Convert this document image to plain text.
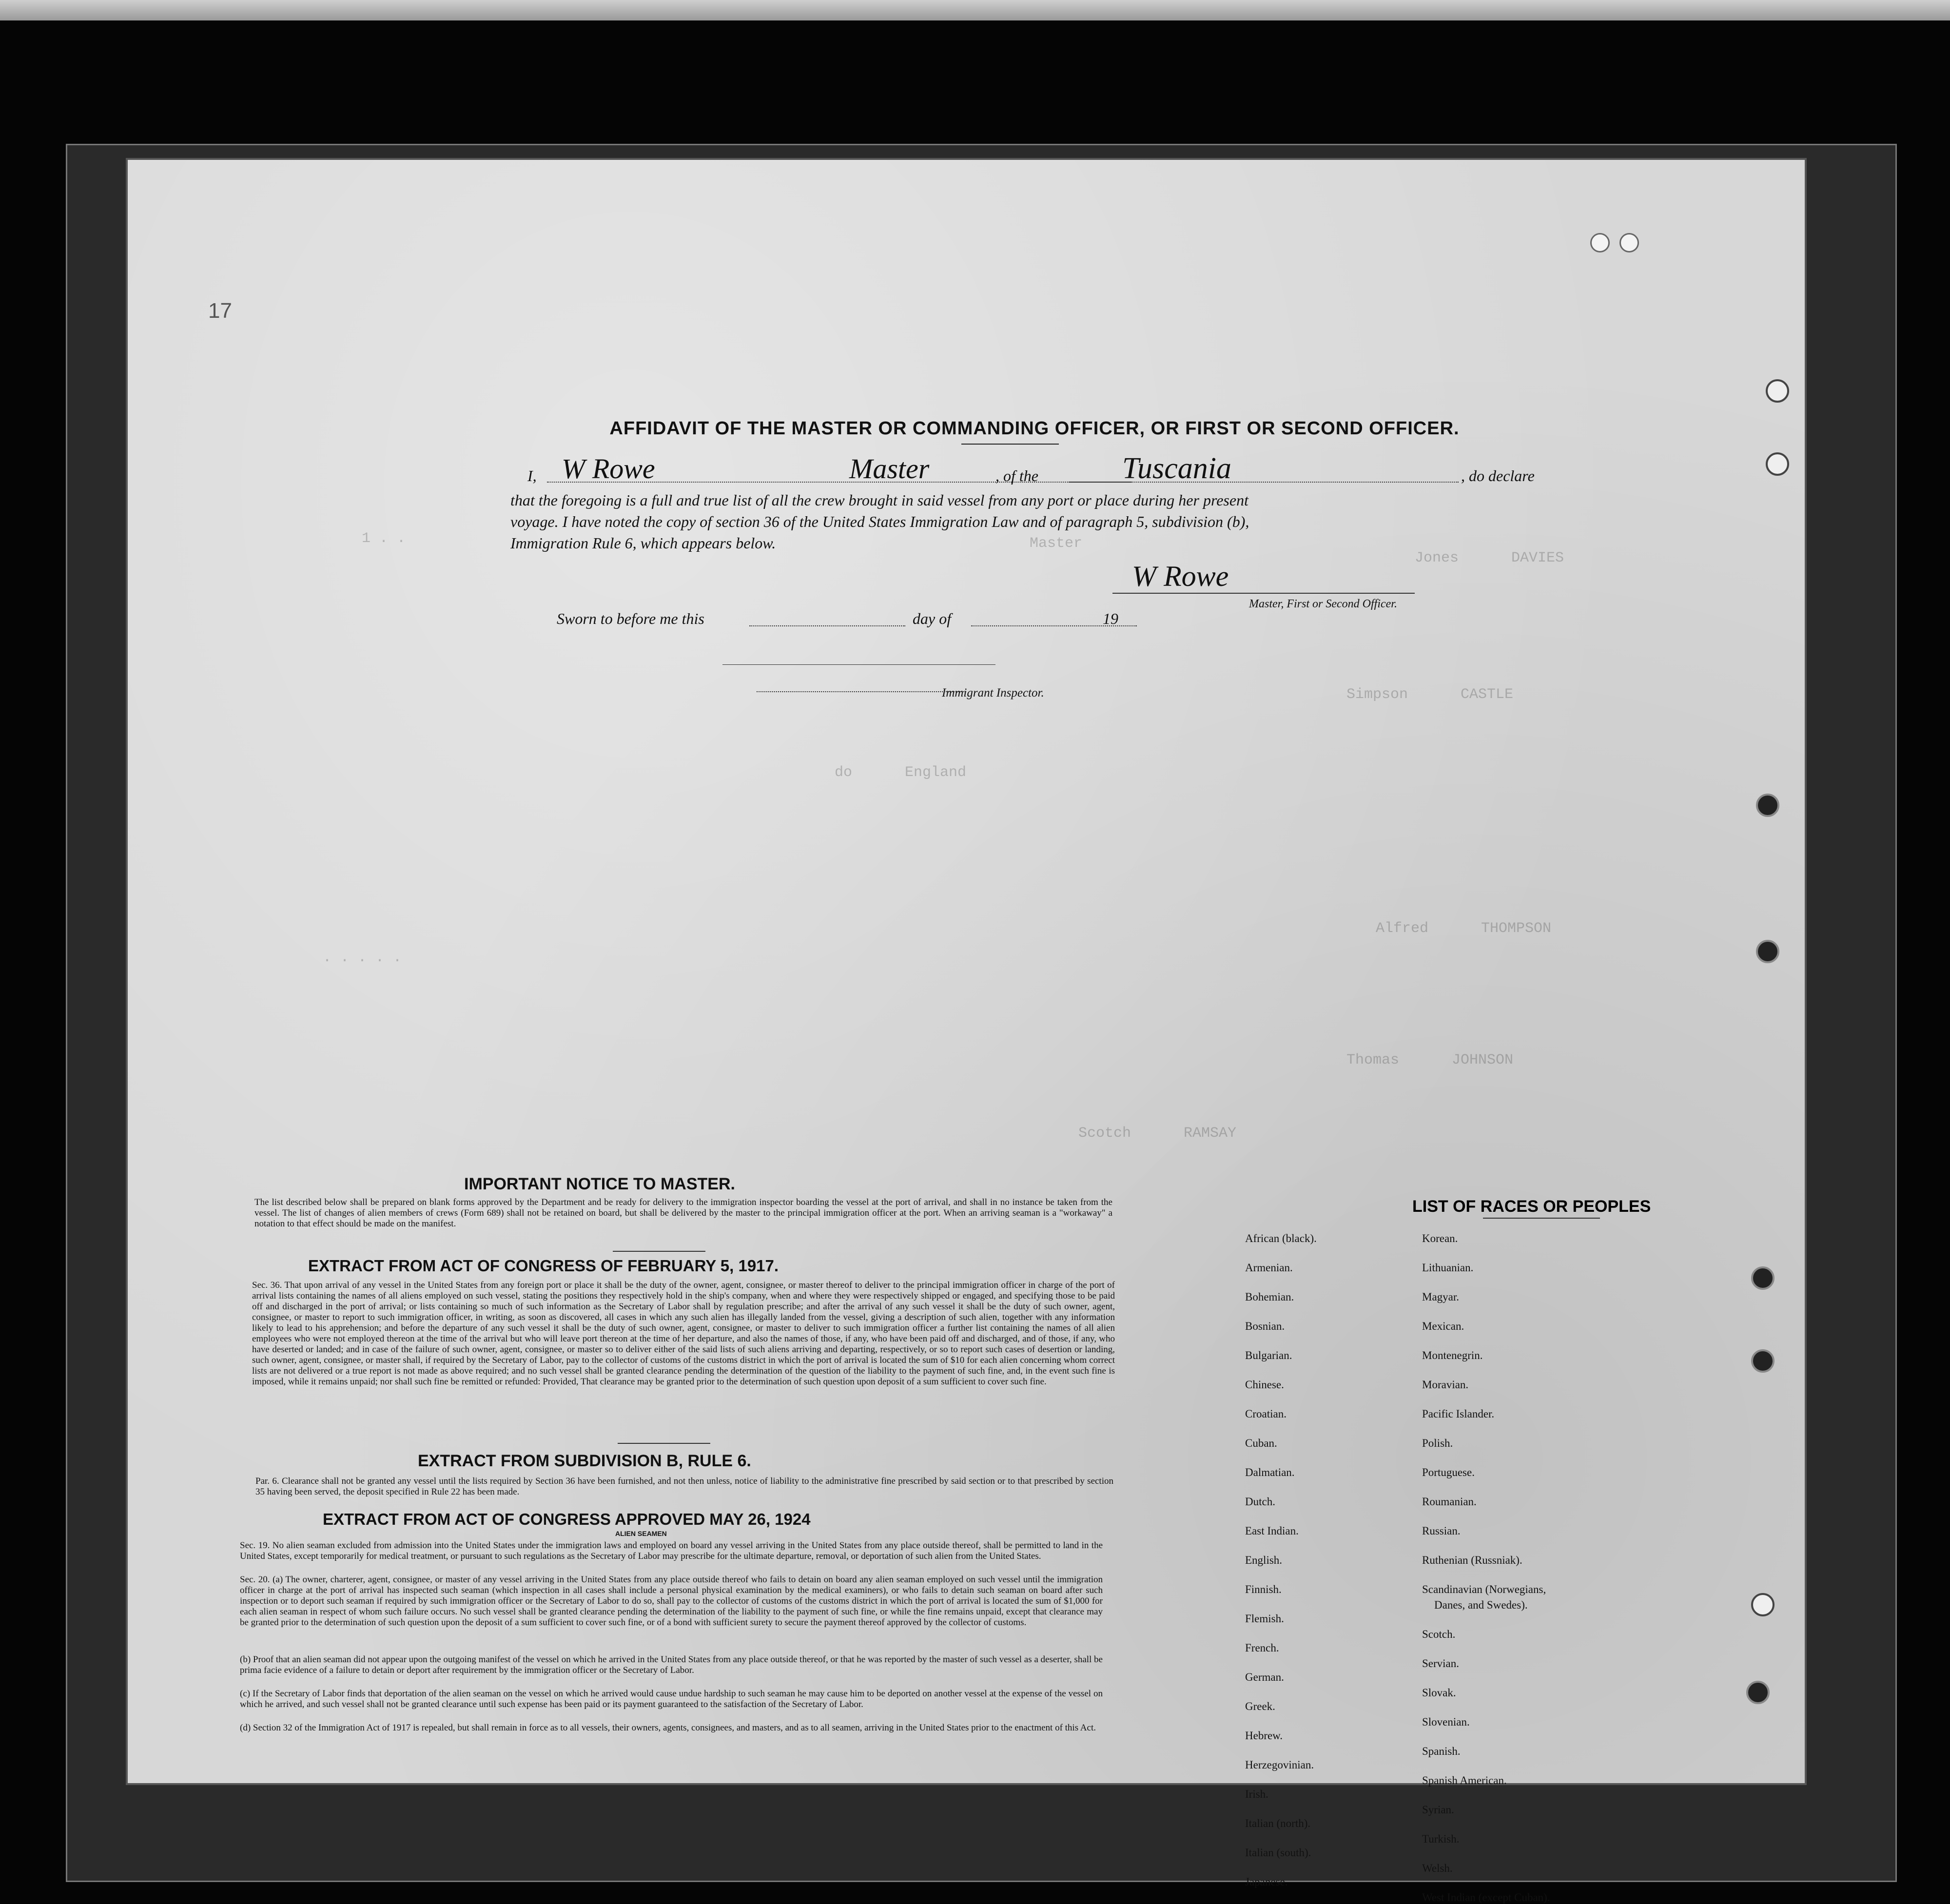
1 . .	Master
Jones      DAVIES
Simpson      CASTLE
do      England
Alfred      THOMPSON
Thomas      JOHNSON
Scotch      RAMSAY
. . . . .
17
AFFIDAVIT OF THE MASTER OR COMMANDING OFFICER, OR FIRST OR SECOND OFFICER.
I, W Rowe	Master	, of the	Tuscania	, do declare
that the foregoing is a full and true list of all the crew brought in said vessel from any port or place during her present
voyage. I have noted the copy of section 36 of the United States Immigration Law and of paragraph 5, subdivision (b),
Immigration Rule 6, which appears below.
W Rowe
Master, First or Second Officer.
Sworn to before me this	day of	19
Immigrant Inspector.
IMPORTANT NOTICE TO MASTER.
The list described below shall be prepared on blank forms approved by the Department and be ready for delivery to the immigration inspector boarding the vessel at the port of arrival, and shall in no instance be taken from the vessel. The list of changes of alien members of crews (Form 689) shall not be retained on board, but shall be delivered by the master to the principal immigration officer at the port. When an arriving seaman is a "workaway" a notation to that effect should be made on the manifest.
EXTRACT FROM ACT OF CONGRESS OF FEBRUARY 5, 1917.
Sec. 36. That upon arrival of any vessel in the United States from any foreign port or place it shall be the duty of the owner, agent, consignee, or master thereof to deliver to the principal immigration officer in charge of the port of arrival lists containing the names of all aliens employed on such vessel, stating the positions they respectively hold in the ship's company, when and where they were respectively shipped or engaged, and specifying those to be paid off and discharged in the port of arrival; or lists containing so much of such information as the Secretary of Labor shall by regulation prescribe; and after the arrival of any such vessel it shall be the duty of such owner, agent, consignee, or master to report to such immigration officer, in writing, as soon as discovered, all cases in which any such alien has illegally landed from the vessel, giving a description of such alien, together with any information likely to lead to his apprehension; and before the departure of any such vessel it shall be the duty of such owner, agent, consignee, or master to deliver to such immigration officer a further list containing the names of all alien employees who were not employed thereon at the time of the arrival but who will leave port thereon at the time of her departure, and also the names of those, if any, who have been paid off and discharged, and of those, if any, who have deserted or landed; and in case of the failure of such owner, agent, consignee, or master so to deliver either of the said lists of such aliens arriving and departing, respectively, or so to report such cases of desertion or landing, such owner, agent, consignee, or master shall, if required by the Secretary of Labor, pay to the collector of customs of the customs district in which the port of arrival is located the sum of $10 for each alien concerning whom correct lists are not delivered or a true report is not made as above required; and no such vessel shall be granted clearance pending the determination of the question of the liability to the payment of such fine, and, in the event such fine is imposed, while it remains unpaid; nor shall such fine be remitted or refunded: Provided, That clearance may be granted prior to the determination of such question upon deposit of a sum sufficient to cover such fine.
EXTRACT FROM SUBDIVISION B, RULE 6.
Par. 6. Clearance shall not be granted any vessel until the lists required by Section 36 have been furnished, and not then unless, notice of liability to the administrative fine prescribed by said section or to that prescribed by section 35 having been served, the deposit specified in Rule 22 has been made.
EXTRACT FROM ACT OF CONGRESS APPROVED MAY 26, 1924
ALIEN SEAMEN
Sec. 19. No alien seaman excluded from admission into the United States under the immigration laws and employed on board any vessel arriving in the United States from any place outside thereof, shall be permitted to land in the United States, except temporarily for medical treatment, or pursuant to such regulations as the Secretary of Labor may prescribe for the ultimate departure, removal, or deportation of such alien from the United States.
Sec. 20. (a) The owner, charterer, agent, consignee, or master of any vessel arriving in the United States from any place outside thereof who fails to detain on board any alien seaman employed on such vessel until the immigration officer in charge at the port of arrival has inspected such seaman (which inspection in all cases shall include a personal physical examination by the medical examiners), or who fails to detain such seaman on board after such inspection or to deport such seaman if required by such immigration officer or the Secretary of Labor to do so, shall pay to the collector of customs of the customs district in which the port of arrival is located the sum of $1,000 for each alien seaman in respect of whom such failure occurs. No such vessel shall be granted clearance pending the determination of the liability to the payment of such fine, or while the fine remains unpaid, except that clearance may be granted prior to the determination of such question upon the deposit of a sum sufficient to cover such fine, or of a bond with sufficient surety to secure the payment thereof approved by the collector of customs.
(b) Proof that an alien seaman did not appear upon the outgoing manifest of the vessel on which he arrived in the United States from any place outside thereof, or that he was reported by the master of such vessel as a deserter, shall be prima facie evidence of a failure to detain or deport after requirement by the immigration officer or the Secretary of Labor.
(c) If the Secretary of Labor finds that deportation of the alien seaman on the vessel on which he arrived would cause undue hardship to such seaman he may cause him to be deported on another vessel at the expense of the vessel on which he arrived, and such vessel shall not be granted clearance until such expense has been paid or its payment guaranteed to the satisfaction of the Secretary of Labor.
(d) Section 32 of the Immigration Act of 1917 is repealed, but shall remain in force as to all vessels, their owners, agents, consignees, and masters, and as to all seamen, arriving in the United States prior to the enactment of this Act.
LIST OF RACES OR PEOPLES
African (black).
Armenian.
Bohemian.
Bosnian.
Bulgarian.
Chinese.
Croatian.
Cuban.
Dalmatian.
Dutch.
East Indian.
English.
Finnish.
Flemish.
French.
German.
Greek.
Hebrew.
Herzegovinian.
Irish.
Italian (north).
Italian (south).
Japanese.
Korean.
Lithuanian.
Magyar.
Mexican.
Montenegrin.
Moravian.
Pacific Islander.
Polish.
Portuguese.
Roumanian.
Russian.
Ruthenian (Russniak).
Scandinavian (Norwegians,
Danes, and Swedes).
Scotch.
Servian.
Slovak.
Slovenian.
Spanish.
Spanish American.
Syrian.
Turkish.
Welsh.
West Indian (except Cuban).
